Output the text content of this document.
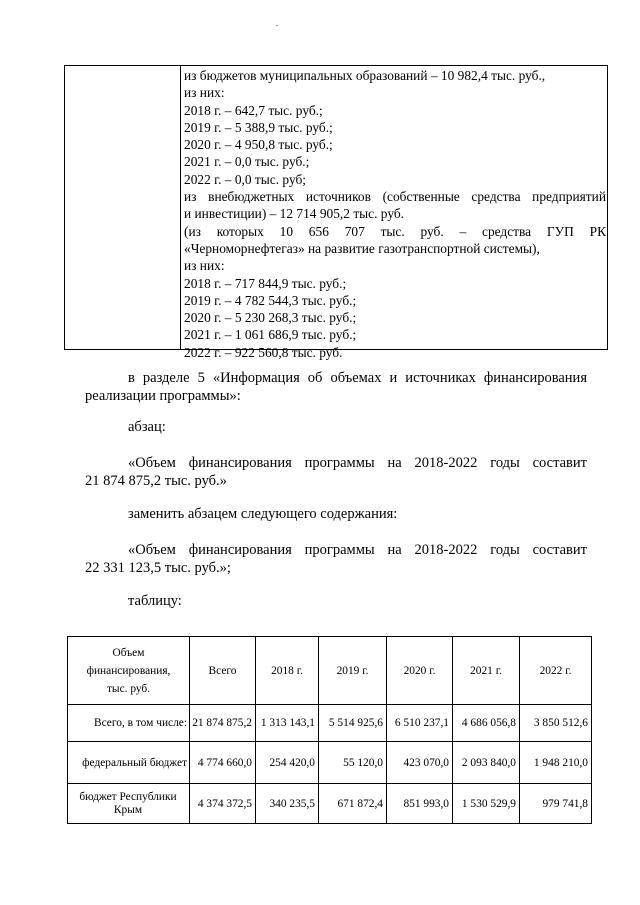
из бюджетов муниципальных образований – 10 982,4 тыс. руб.,
из них:
2018 г. – 642,7 тыс. руб.;
2019 г. – 5 388,9 тыс. руб.;
2020 г. – 4 950,8 тыс. руб.;
2021 г. – 0,0 тыс. руб.;
2022 г. – 0,0 тыс. руб;
из внебюджетных источников (собственные средства предприятий
и инвестиции) – 12 714 905,2 тыс. руб.
(из которых 10 656 707 тыс. руб. – средства ГУП РК
«Черноморнефтегаз» на развитие газотранспортной системы),
из них:
2018 г. – 717 844,9 тыс. руб.;
2019 г. – 4 782 544,3 тыс. руб.;
2020 г. – 5 230 268,3 тыс. руб.;
2021 г. – 1 061 686,9 тыс. руб.;
2022 г. – 922 560,8 тыс. руб.
в разделе 5 «Информация об объемах и источниках финансирования
реализации программы»:
абзац:
«Объем финансирования программы на 2018-2022 годы составит
21 874 875,2 тыс. руб.»
заменить абзацем следующего содержания:
«Объем финансирования программы на 2018-2022 годы составит
22 331 123,5 тыс. руб.»;
таблицу:
Объем
финансирования,
тыс. руб.	Всего	2018 г.	2019 г.	2020 г.	2021 г.	2022 г.
Всего, в том числе:	21 874 875,2	1 313 143,1	5 514 925,6	6 510 237,1	4 686 056,8	3 850 512,6
федеральный бюджет	4 774 660,0	254 420,0	55 120,0	423 070,0	2 093 840,0	1 948 210,0
бюджет Республики Крым	4 374 372,5	340 235,5	671 872,4	851 993,0	1 530 529,9	979 741,8
